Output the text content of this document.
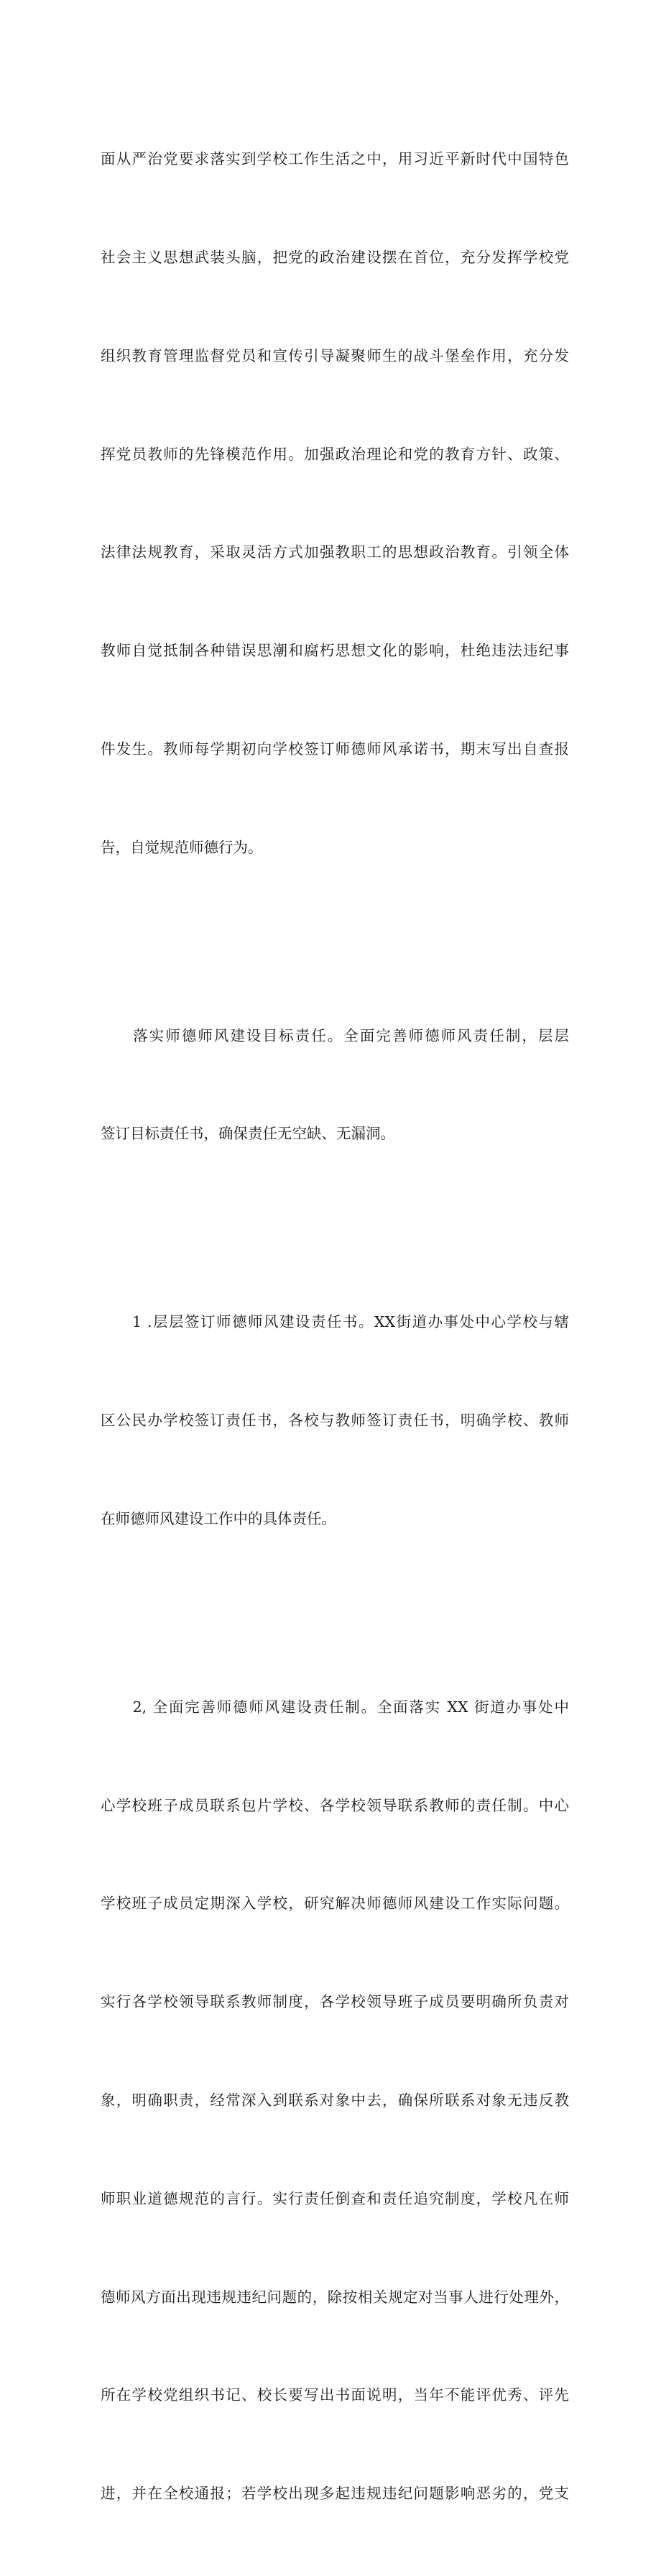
面从严治党要求落实到学校工作生活之中，用习近平新时代中国特色

社会主义思想武装头脑，把党的政治建设摆在首位，充分发挥学校党

组织教育管理监督党员和宣传引导凝聚师生的战斗堡垒作用，充分发

挥党员教师的先锋模范作用。加强政治理论和党的教育方针、政策、

法律法规教育，采取灵活方式加强教职工的思想政治教育。引领全体

教师自觉抵制各种错误思潮和腐朽思想文化的影响，杜绝违法违纪事

件发生。教师每学期初向学校签订师德师风承诺书，期末写出自查报

告，自觉规范师德行为。

　　落实师德师风建设目标责任。全面完善师德师风责任制，层层

签订目标责任书，确保责任无空缺、无漏洞。

　　1 .层层签订师德师风建设责任书。XX街道办事处中心学校与辖

区公民办学校签订责任书，各校与教师签订责任书，明确学校、教师

在师德师风建设工作中的具体责任。

　　2, 全面完善师德师风建设责任制。全面落实 XX 街道办事处中

心学校班子成员联系包片学校、各学校领导联系教师的责任制。中心

学校班子成员定期深入学校，研究解决师德师风建设工作实际问题。

实行各学校领导联系教师制度，各学校领导班子成员要明确所负责对

象，明确职责，经常深入到联系对象中去，确保所联系对象无违反教

师职业道德规范的言行。实行责任倒查和责任追究制度，学校凡在师

德师风方面出现违规违纪问题的，除按相关规定对当事人进行处理外，

所在学校党组织书记、校长要写出书面说明，当年不能评优秀、评先

进，并在全校通报；若学校出现多起违规违纪问题影响恶劣的，党支
